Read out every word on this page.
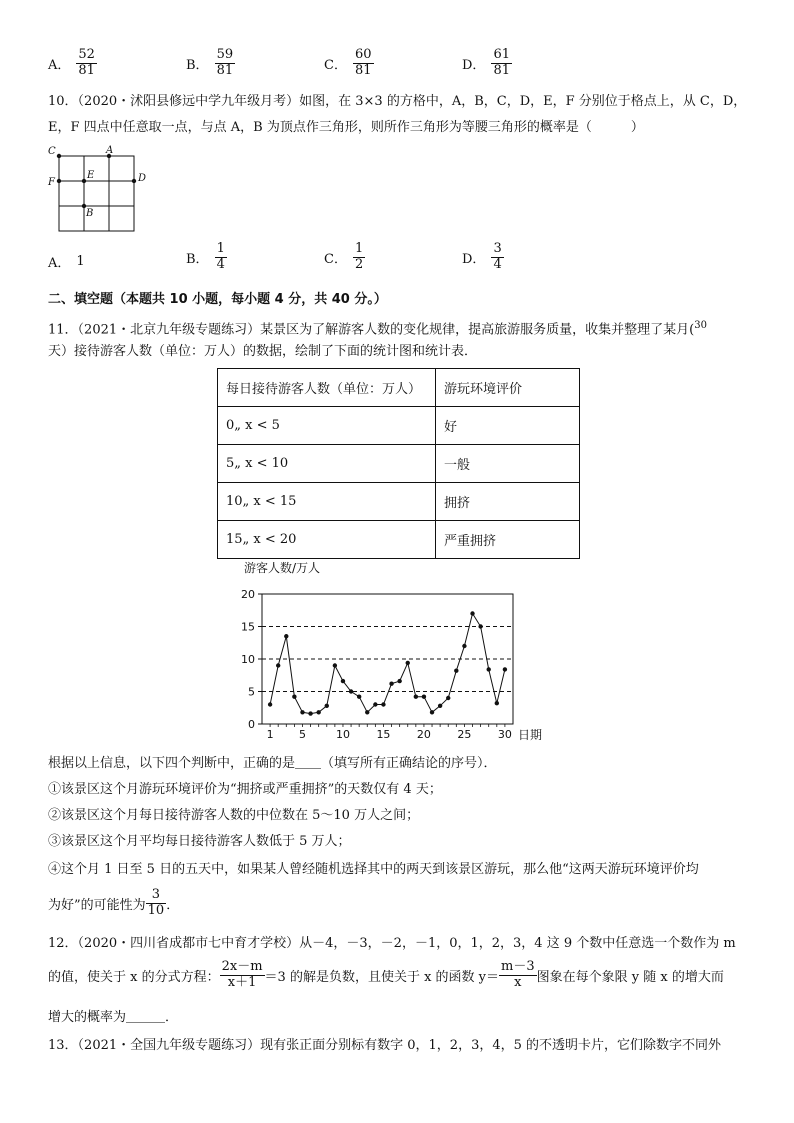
A． $\frac{52}{81}$	B． $\frac{59}{81}$	C． $\frac{60}{81}$	D． $\frac{61}{81}$
10．（2020・沭阳县修远中学九年级月考）如图，在 3×3 的方格中，A，B，C，D，E，F 分别位于格点上，从 C，D，
E，F 四点中任意取一点，与点 A，B 为顶点作三角形，则所作三角形为等腰三角形的概率是（　　　）
C	A
F
E	D
B
A． 1	B． $\frac{1}{4}$	C． $\frac{1}{2}$	D． $\frac{3}{4}$
二、填空题（本题共 10 小题，每小题 4 分，共 40 分。）
11．（2021・北京九年级专题练习）某景区为了解游客人数的变化规律，提高旅游服务质量，收集并整理了某月($^{30}$
天）接待游客人数（单位：万人）的数据，绘制了下面的统计图和统计表．
每日接待游客人数（单位：万人）	游玩环境评价
0„ x < 5	好
5„ x < 10	一般
10„ x < 15	拥挤
15„ x < 20	严重拥挤
游客人数/万人
日期
0
5
10
15
20
1 5	10 15 20 25 30
根据以上信息，以下四个判断中，正确的是＿＿（填写所有正确结论的序号）．
①该景区这个月游玩环境评价为“拥挤或严重拥挤”的天数仅有 4 天；
②该景区这个月每日接待游客人数的中位数在 5～10 万人之间；
③该景区这个月平均每日接待游客人数低于 5 万人；
④这个月 1 日至 5 日的五天中，如果某人曾经随机选择其中的两天到该景区游玩，那么他“这两天游玩环境评价均
为好”的可能性为 $\frac{3}{10}$ ．
12．（2020・四川省成都市七中育才学校）从－4，－3，－2，－1，0，1，2，3，4 这 9 个数中任意选一个数作为 m
的值，使关于 x 的分式方程： $\frac{2x-m}{x+1} =3$ 的解是负数，且使关于 x 的函数 $y= \frac{m-3}{x}$ 图象在每个象限 y 随 x 的增大而
增大的概率为＿＿＿．
13．（2021・全国九年级专题练习）现有张正面分别标有数字 0，1，2，3，4，5 的不透明卡片，它们除数字不同外
